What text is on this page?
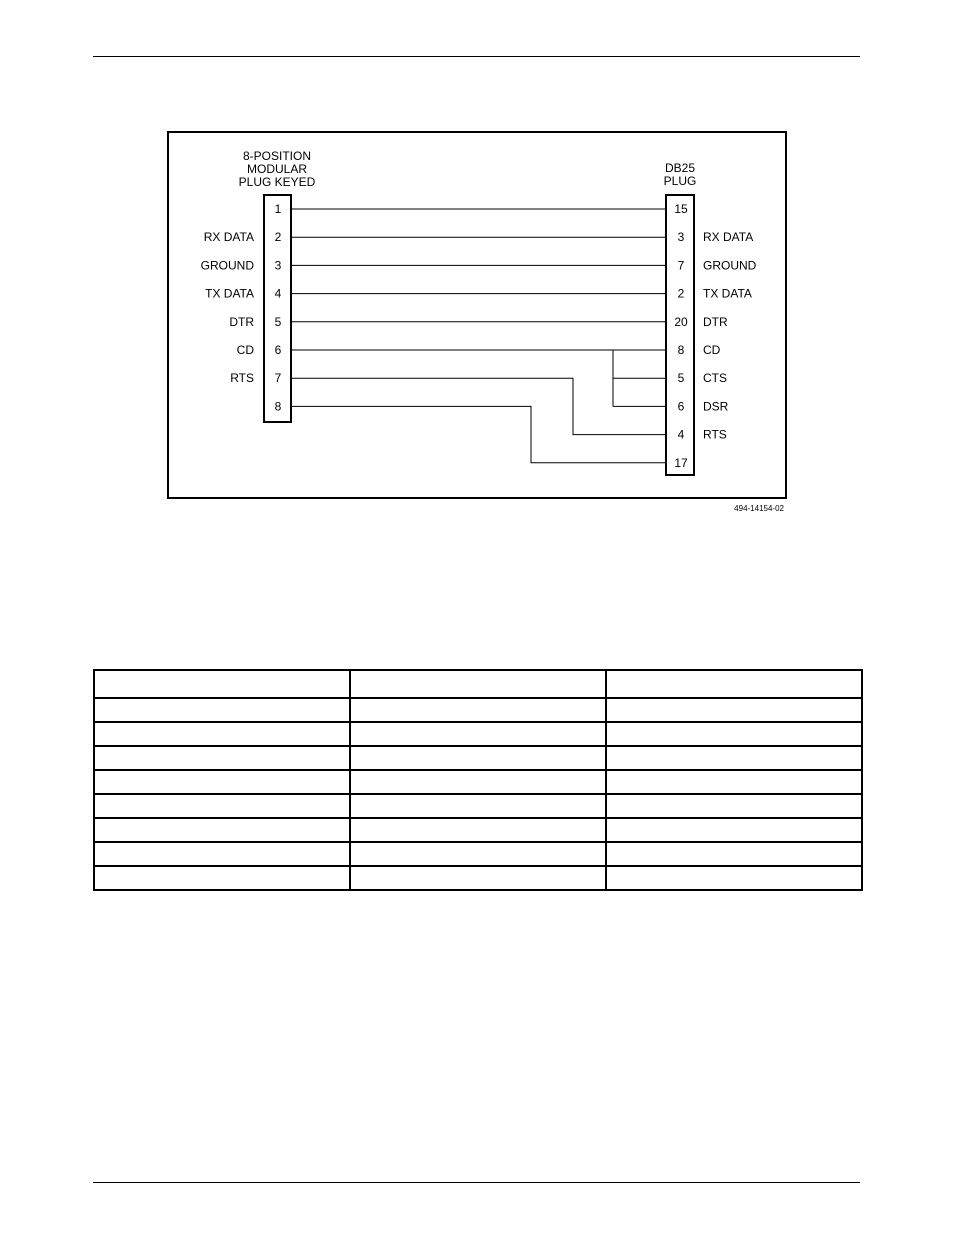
8-POSITION
MODULAR
PLUG KEYED
DB25
PLUG
1
2
RX DATA
3
GROUND
4
TX DATA
5
DTR
6
CD
7
RTS
8
15
3 RX DATA
7 GROUND
2 TX DATA
20 DTR
8 CD
5 CTS
6 DSR
4 RTS
17
494-14154-02
